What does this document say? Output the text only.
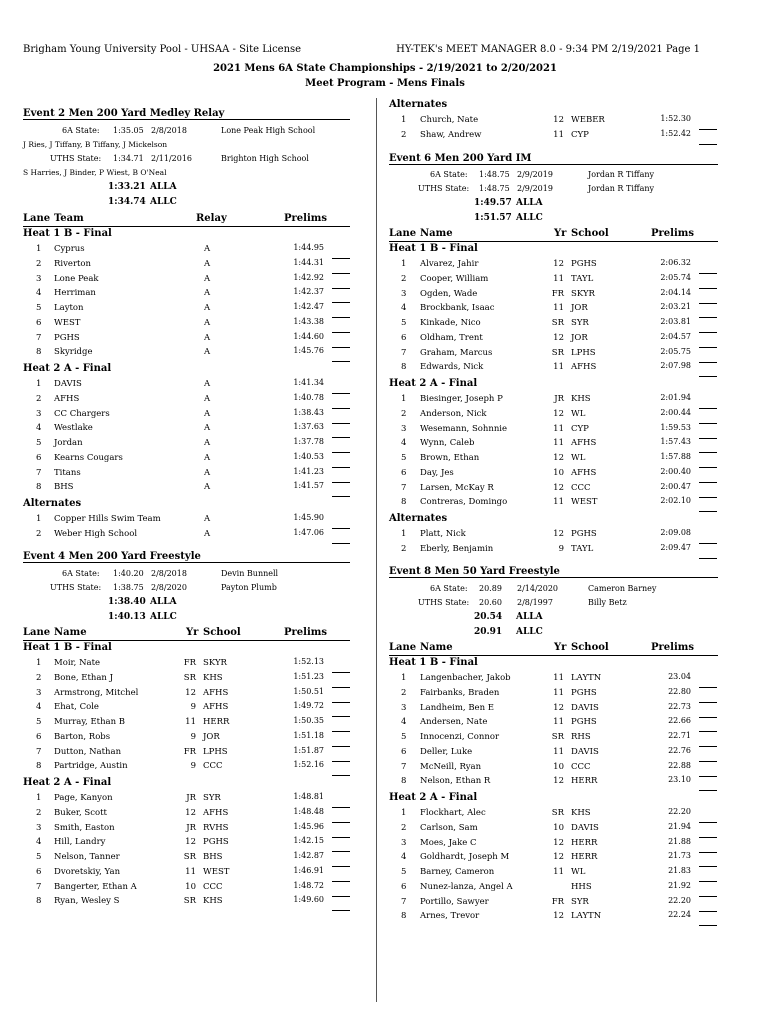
Brigham Young University Pool - UHSAA - Site License	HY-TEK's MEET MANAGER 8.0 - 9:34 PM 2/19/2021 Page 1
2021 Mens 6A State Championships - 2/19/2021 to 2/20/2021
Meet Program - Mens Finals
Event 2 Men 200 Yard Medley Relay
6A State: 1:35.05 2/8/2018	Lone Peak High School
J Ries, J Tiffany, B Tiffany, J Mickelson
UTHS State: 1:34.71 2/11/2016	Brighton High School
S Harries, J Binder, P Wiest, B O'Neal
1:33.21 ALLA
1:34.74 ALLC
Lane Team	Relay	Prelims
Heat 1 B - Final
1 Cyprus	A	1:44.95
2 Riverton	A	1:44.31
3 Lone Peak	A	1:42.92
4 Herriman	A	1:42.37
5 Layton	A	1:42.47
6 WEST	A	1:43.38
7 PGHS	A	1:44.60
8 Skyridge	A	1:45.76
Heat 2 A - Final
1 DAVIS	A	1:41.34
2 AFHS	A	1:40.78
3 CC Chargers	A	1:38.43
4 Westlake	A	1:37.63
5 Jordan	A	1:37.78
6 Kearns Cougars	A	1:40.53
7 Titans	A	1:41.23
8 BHS	A	1:41.57
Alternates
1 Copper Hills Swim Team	A	1:45.90
2 Weber High School	A	1:47.06
Event 4 Men 200 Yard Freestyle
6A State: 1:40.20 2/8/2018	Devin Bunnell
UTHS State: 1:38.75 2/8/2020	Payton Plumb
1:38.40 ALLA
1:40.13 ALLC
Lane Name	Yr School	Prelims
Heat 1 B - Final
1 Moir, Nate	FR SKYR	1:52.13
2 Bone, Ethan J	SR KHS	1:51.23
3 Armstrong, Mitchel	12 AFHS	1:50.51
4 Ehat, Cole	9 AFHS	1:49.72
5 Murray, Ethan B	11 HERR	1:50.35
6 Barton, Robs	9 JOR	1:51.18
7 Dutton, Nathan	FR LPHS	1:51.87
8 Partridge, Austin	9 CCC	1:52.16
Heat 2 A - Final
1 Page, Kanyon	JR SYR	1:48.81
2 Buker, Scott	12 AFHS	1:48.48
3 Smith, Easton	JR RVHS	1:45.96
4 Hill, Landry	12 PGHS	1:42.15
5 Nelson, Tanner	SR BHS	1:42.87
6 Dvoretskiy, Yan	11 WEST	1:46.91
7 Bangerter, Ethan A	10 CCC	1:48.72
8 Ryan, Wesley S	SR KHS	1:49.60
Alternates
1 Church, Nate	12 WEBER	1:52.30
2 Shaw, Andrew	11 CYP	1:52.42
Event 6 Men 200 Yard IM
6A State: 1:48.75 2/9/2019	Jordan R Tiffany
UTHS State: 1:48.75 2/9/2019	Jordan R Tiffany
1:49.57 ALLA
1:51.57 ALLC
Lane Name	Yr School	Prelims
Heat 1 B - Final
1 Alvarez, Jahir	12 PGHS	2:06.32
2 Cooper, William	11 TAYL	2:05.74
3 Ogden, Wade	FR SKYR	2:04.14
4 Brockbank, Isaac	11 JOR	2:03.21
5 Kinkade, Nico	SR SYR	2:03.81
6 Oldham, Trent	12 JOR	2:04.57
7 Graham, Marcus	SR LPHS	2:05.75
8 Edwards, Nick	11 AFHS	2:07.98
Heat 2 A - Final
1 Biesinger, Joseph P	JR KHS	2:01.94
2 Anderson, Nick	12 WL	2:00.44
3 Wesemann, Sohnnie	11 CYP	1:59.53
4 Wynn, Caleb	11 AFHS	1:57.43
5 Brown, Ethan	12 WL	1:57.88
6 Day, Jes	10 AFHS	2:00.40
7 Larsen, McKay R	12 CCC	2:00.47
8 Contreras, Domingo	11 WEST	2:02.10
Alternates
1 Platt, Nick	12 PGHS	2:09.08
2 Eberly, Benjamin	9 TAYL	2:09.47
Event 8 Men 50 Yard Freestyle
6A State: 20.89 2/14/2020	Cameron Barney
UTHS State: 20.60 2/8/1997	Billy Betz
20.54 ALLA
20.91 ALLC
Lane Name	Yr School	Prelims
Heat 1 B - Final
1 Langenbacher, Jakob	11 LAYTN	23.04
2 Fairbanks, Braden	11 PGHS	22.80
3 Landheim, Ben E	12 DAVIS	22.73
4 Andersen, Nate	11 PGHS	22.66
5 Innocenzi, Connor	SR RHS	22.71
6 Deller, Luke	11 DAVIS	22.76
7 McNeill, Ryan	10 CCC	22.88
8 Nelson, Ethan R	12 HERR	23.10
Heat 2 A - Final
1 Flockhart, Alec	SR KHS	22.20
2 Carlson, Sam	10 DAVIS	21.94
3 Moes, Jake C	12 HERR	21.88
4 Goldhardt, Joseph M	12 HERR	21.73
5 Barney, Cameron	11 WL	21.83
6 Nunez-lanza, Angel A	HHS	21.92
7 Portillo, Sawyer	FR SYR	22.20
8 Arnes, Trevor	12 LAYTN	22.24
